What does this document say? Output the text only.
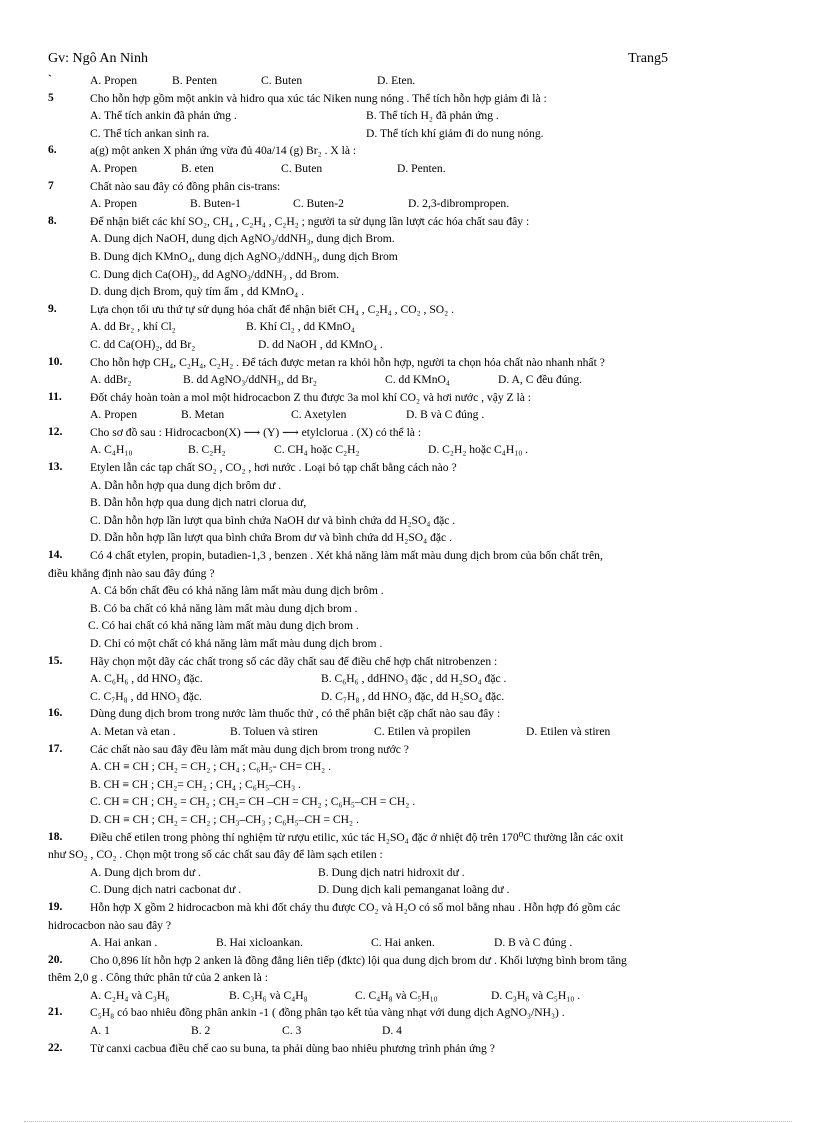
Gv: Ngô An Ninh	Trang5
`	A. Propen	B. Penten	C. Buten	D. Eten.
5	Cho hỗn hợp gồm một ankin và hidro qua xúc tác Niken nung nóng . Thể tích hỗn hợp giảm đi là :
A. Thể tích ankin đã phản ứng .	B. Thể tích H₂ đã phản ứng .
C. Thể tích ankan sinh ra.	D. Thể tích khí giảm đi do nung nóng.
6.	a(g) một anken X phản ứng vừa đủ 40a/14 (g) Br₂ . X là :
A. Propen	B. eten	C. Buten	D. Penten.
7	Chất nào sau đây có đồng phân cis-trans:
A. Propen	B. Buten-1	C. Buten-2	D. 2,3-dibrompropen.
8.	Để nhận biết các khí SO₂, CH₄ , C₂H₄ , C₂H₂ ; người ta sử dụng lần lượt các hóa chất sau đây :
A. Dung dịch NaOH, dung dịch AgNO₃/ddNH₃, dung dịch Brom.
B. Dung dịch KMnO₄, dung dịch AgNO₃/ddNH₃, dung dịch Brom
C. Dung dịch Ca(OH)₂, dd AgNO₃/ddNH₃ , dd Brom.
D. dung dịch Brom, quỳ tím ẩm , dd KMnO₄ .
9.	Lựa chọn tối ưu thứ tự sử dụng hóa chất để nhận biết CH₄ , C₂H₄ , CO₂ , SO₂ .
A. dd Br₂ , khí Cl₂	B. Khí Cl₂ , dd KMnO₄
C. dd Ca(OH)₂, dd Br₂	D. dd NaOH , dd KMnO₄ .
10. Cho hỗn hợp CH₄, C₂H₄, C₂H₂ . Để tách được metan ra khỏi hỗn hợp, người ta chọn hóa chất nào nhanh nhất ?
A. ddBr₂	B. dd AgNO₃/ddNH₃, dd Br₂	C. dd KMnO₄	D. A, C đều đúng.
11. Đốt cháy hoàn toàn a mol một hidrocacbon Z thu được 3a mol khí CO₂ và hơi nước , vậy Z là :
A. Propen	B. Metan	C. Axetylen	D. B và C đúng .
12. Cho sơ đồ sau : Hidrocacbon(X) ⟶ (Y) ⟶ etylclorua . (X) có thể là :
A. C₄H₁₀	B. C₂H₂	C. CH₄ hoặc C₂H₂	D. C₂H₂ hoặc C₄H₁₀ .
13. Etylen lẫn các tạp chất SO₂ , CO₂ , hơi nước . Loại bỏ tạp chất bằng cách nào ?
A. Dẫn hỗn hợp qua dung dịch brôm dư .
B. Dẫn hỗn hợp qua dung dịch natri clorua dư,
C. Dẫn hỗn hợp lần lượt qua bình chứa NaOH dư và bình chứa dd H₂SO₄ đặc .
D. Dẫn hỗn hợp lần lượt qua bình chứa Brom dư và bình chứa dd H₂SO₄ đặc .
14. Có 4 chất etylen, propin, butadien-1,3 , benzen . Xét khả năng làm mất màu dung dịch brom của bốn chất trên,
điều khẳng định nào sau đây đúng ?
A. Cả bốn chất đều có khả năng làm mất màu dung dịch brôm .
B. Có ba chất có khả năng làm mất màu dung dịch brom .
C. Có hai chất có khả năng làm mất màu dung dịch brom .
D. Chỉ có một chất có khả năng làm mất màu dung dịch brom .
15. Hãy chọn một dãy các chất trong số các dãy chất sau để điều chế hợp chất nitrobenzen :
A. C₆H₆ , dd HNO₃ đặc.	B. C₆H₆ , ddHNO₃ đặc , dd H₂SO₄ đặc .
C. C₇H₈ , dd HNO₃ đặc.	D. C₇H₈ , dd HNO₃ đặc, dd H₂SO₄ đặc.
16. Dùng dung dịch brom trong nước làm thuốc thử , có thể phân biệt cặp chất nào sau đây :
A. Metan và etan .	B. Toluen và stiren	C. Etilen và propilen	D. Etilen và stiren
17. Các chất nào sau đây đều làm mất màu dung dịch brom trong nước ?
A. CH ≡ CH ; CH₂ = CH₂ ; CH₄ ; C₆H₅- CH= CH₂ .
B. CH ≡ CH ; CH₂= CH₂ ; CH₄ ; C₆H₅–CH₃ .
C. CH ≡ CH ; CH₂ = CH₂ ; CH₂= CH –CH = CH₂ ; C₆H₅–CH = CH₂ .
D. CH ≡ CH ; CH₂ = CH₂ ; CH₃–CH₃ ; C₆H₅–CH = CH₂ .
18. Điều chế etilen trong phòng thí nghiệm từ rượu etilic, xúc tác H₂SO₄ đặc ở nhiệt độ trên 170⁰C thường lẫn các oxit
như SO₂ , CO₂ . Chọn một trong số các chất sau đây để làm sạch etilen :
A. Dung dịch brom dư .	B. Dung dịch natri hidroxit dư .
C. Dung dịch natri cacbonat dư .	D. Dung dịch kali pemanganat loãng dư .
19. Hỗn hợp X gồm 2 hidrocacbon mà khi đốt cháy thu được CO₂ và H₂O có số mol bằng nhau . Hỗn hợp đó gồm các
hidrocacbon nào sau đây ?
A. Hai ankan .	B. Hai xicloankan.	C. Hai anken.	D. B và C đúng .
20. Cho 0,896 lít hỗn hợp 2 anken là đồng đẳng liên tiếp (đktc) lội qua dung dịch brom dư . Khối lượng bình brom tăng
thêm 2,0 g . Công thức phân tử của 2 anken là :
A. C₂H₄ và C₃H₆	B. C₃H₆ và C₄H₈	C. C₄H₈ và C₅H₁₀	D. C₃H₆ và C₅H₁₀ .
21. C₅H₈ có bao nhiêu đồng phân ankin -1 ( đồng phân tạo kết tủa vàng nhạt với dung dịch AgNO₃/NH₃) .
A. 1	B. 2	C. 3	D. 4
22. Từ canxi cacbua điều chế cao su buna, ta phải dùng bao nhiêu phương trình phản ứng ?
